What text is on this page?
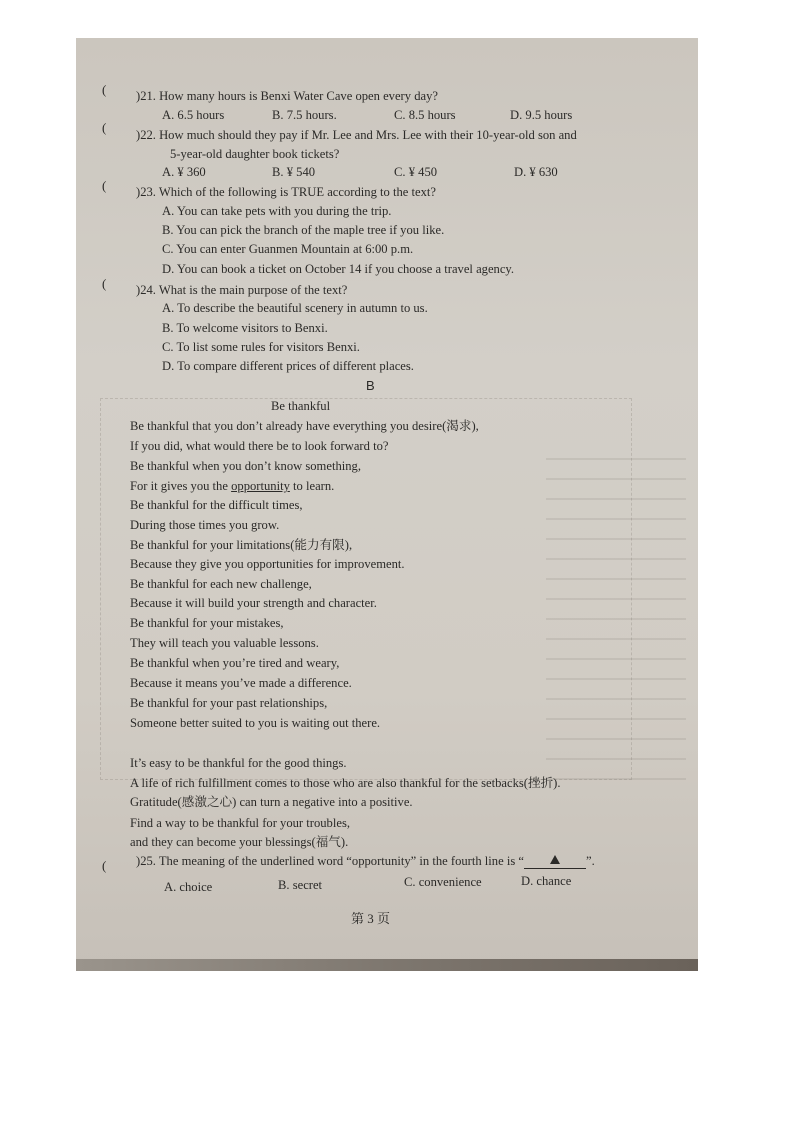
( )21. How many hours is Benxi Water Cave open every day?
A. 6.5 hours	B. 7.5 hours.	C. 8.5 hours	D. 9.5 hours
( )22. How much should they pay if Mr. Lee and Mrs. Lee with their 10-year-old son and
5-year-old daughter book tickets?
A. ¥ 360	B. ¥ 540	C. ¥ 450	D. ¥ 630
( )23. Which of the following is TRUE according to the text?
A. You can take pets with you during the trip.
B. You can pick the branch of the maple tree if you like.
C. You can enter Guanmen Mountain at 6:00 p.m.
D. You can book a ticket on October 14 if you choose a travel agency.
( )24. What is the main purpose of the text?
A. To describe the beautiful scenery in autumn to us.
B. To welcome visitors to Benxi.
C. To list some rules for visitors Benxi.
D. To compare different prices of different places.
B
Be thankful
Be thankful that you don’t already have everything you desire(渴求),
If you did, what would there be to look forward to?
Be thankful when you don’t know something,
For it gives you the opportunity to learn.
Be thankful for the difficult times,
During those times you grow.
Be thankful for your limitations(能力有限),
Because they give you opportunities for improvement.
Be thankful for each new challenge,
Because it will build your strength and character.
Be thankful for your mistakes,
They will teach you valuable lessons.
Be thankful when you’re tired and weary,
Because it means you’ve made a difference.
Be thankful for your past relationships,
Someone better suited to you is waiting out there.
It’s easy to be thankful for the good things.
A life of rich fulfillment comes to those who are also thankful for the setbacks(挫折).
Gratitude(感激之心) can turn a negative into a positive.
Find a way to be thankful for your troubles,
and they can become your blessings(福气).
( )25. The meaning of the underlined word “opportunity” in the fourth line is “	”.
A. choice	B. secret	C. convenience	D. chance
第 3 页
